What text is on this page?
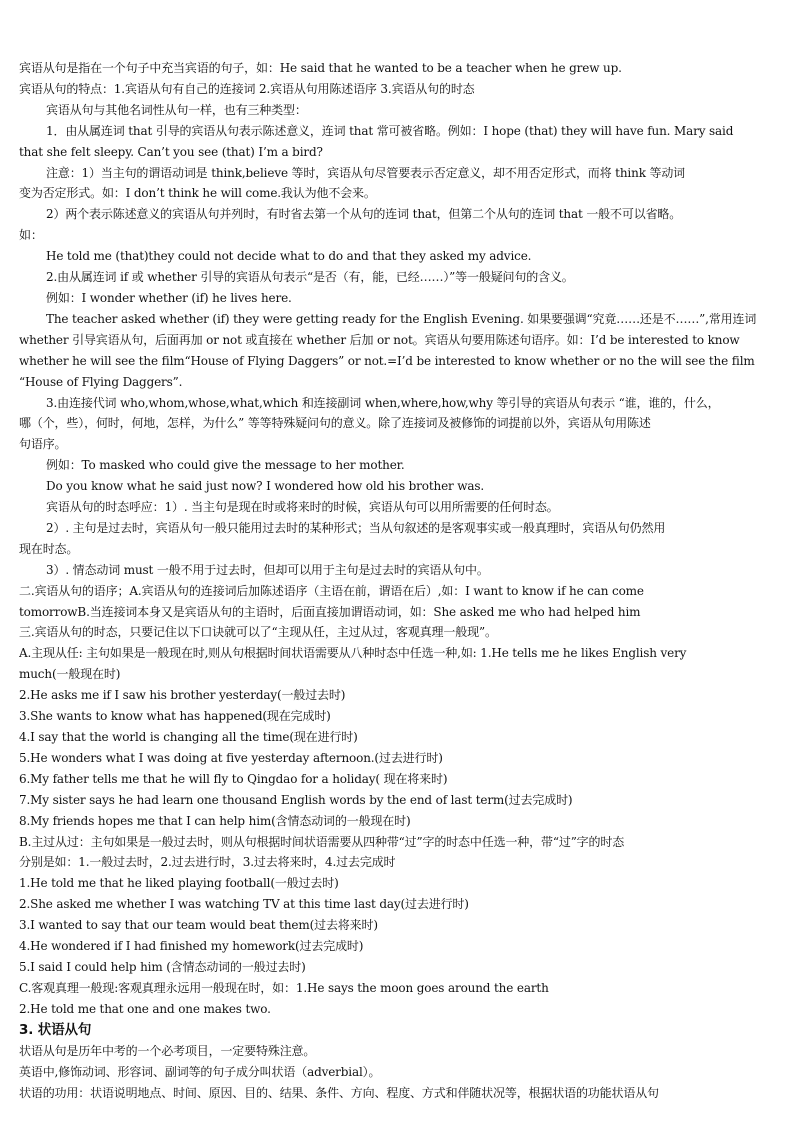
宾语从句是指在一个句子中充当宾语的句子，如：He said that he wanted to be a teacher when he grew up.
宾语从句的特点：1.宾语从句有自己的连接词 2.宾语从句用陈述语序 3.宾语从句的时态
宾语从句与其他名词性从句一样，也有三种类型：
1．由从属连词 that 引导的宾语从句表示陈述意义，连词 that 常可被省略。例如：I hope (that) they will have fun. Mary said
that she felt sleepy. Can’t you see (that) I’m a bird?
注意：1）当主句的谓语动词是 think,believe 等时，宾语从句尽管要表示否定意义，却不用否定形式，而将 think 等动词
变为否定形式。如：I don’t think he will come.我认为他不会来。
2）两个表示陈述意义的宾语从句并列时，有时省去第一个从句的连词 that，但第二个从句的连词 that 一般不可以省略。
如：
He told me (that)they could not decide what to do and that they asked my advice.
2.由从属连词 if 或 whether 引导的宾语从句表示“是否（有，能，已经……）”等一般疑问句的含义。
例如：I wonder whether (if) he lives here.
The teacher asked whether (if) they were getting ready for the English Evening. 如果要强调“究竟……还是不……”,常用连词
whether 引导宾语从句，后面再加 or not 或直接在 whether 后加 or not。宾语从句要用陈述句语序。如：I’d be interested to know
whether he will see the film“House of Flying Daggers” or not.=I’d be interested to know whether or no the will see the film
“House of Flying Daggers”.
3.由连接代词 who,whom,whose,what,which 和连接副词 when,where,how,why 等引导的宾语从句表示 “谁，谁的，什么，
哪（个，些），何时，何地，怎样，为什么” 等等特殊疑问句的意义。除了连接词及被修饰的词提前以外，宾语从句用陈述
句语序。
例如：To masked who could give the message to her mother.
Do you know what he said just now? I wondered how old his brother was.
宾语从句的时态呼应：1）. 当主句是现在时或将来时的时候，宾语从句可以用所需要的任何时态。
2）. 主句是过去时，宾语从句一般只能用过去时的某种形式；当从句叙述的是客观事实或一般真理时，宾语从句仍然用
现在时态。
3）. 情态动词 must 一般不用于过去时，但却可以用于主句是过去时的宾语从句中。
二.宾语从句的语序；A.宾语从句的连接词后加陈述语序（主语在前，谓语在后）,如：I want to know if he can come
tomorrowB.当连接词本身又是宾语从句的主语时，后面直接加谓语动词，如：She asked me who had helped him
三.宾语从句的时态，只要记住以下口诀就可以了“主现从任，主过从过，客观真理一般现”。
A.主现从任: 主句如果是一般现在时,则从句根据时间状语需要从八种时态中任选一种,如: 1.He tells me he likes English very
much(一般现在时)
2.He asks me if I saw his brother yesterday(一般过去时)
3.She wants to know what has happened(现在完成时)
4.I say that the world is changing all the time(现在进行时)
5.He wonders what I was doing at five yesterday afternoon.(过去进行时)
6.My father tells me that he will fly to Qingdao for a holiday( 现在将来时)
7.My sister says he had learn one thousand English words by the end of last term(过去完成时)
8.My friends hopes me that I can help him(含情态动词的一般现在时)
B.主过从过：主句如果是一般过去时，则从句根据时间状语需要从四种带“过”字的时态中任选一种，带“过”字的时态
分别是如：1.一般过去时，2.过去进行时，3.过去将来时，4.过去完成时
1.He told me that he liked playing football(一般过去时)
2.She asked me whether I was watching TV at this time last day(过去进行时)
3.I wanted to say that our team would beat them(过去将来时)
4.He wondered if I had finished my homework(过去完成时)
5.I said I could help him (含情态动词的一般过去时)
C.客观真理一般现:客观真理永远用一般现在时，如：1.He says the moon goes around the earth
2.He told me that one and one makes two.
3. 状语从句
状语从句是历年中考的一个必考项目，一定要特殊注意。
英语中,修饰动词、形容词、副词等的句子成分叫状语（adverbial）。
状语的功用：状语说明地点、时间、原因、目的、结果、条件、方向、程度、方式和伴随状况等，根据状语的功能状语从句
